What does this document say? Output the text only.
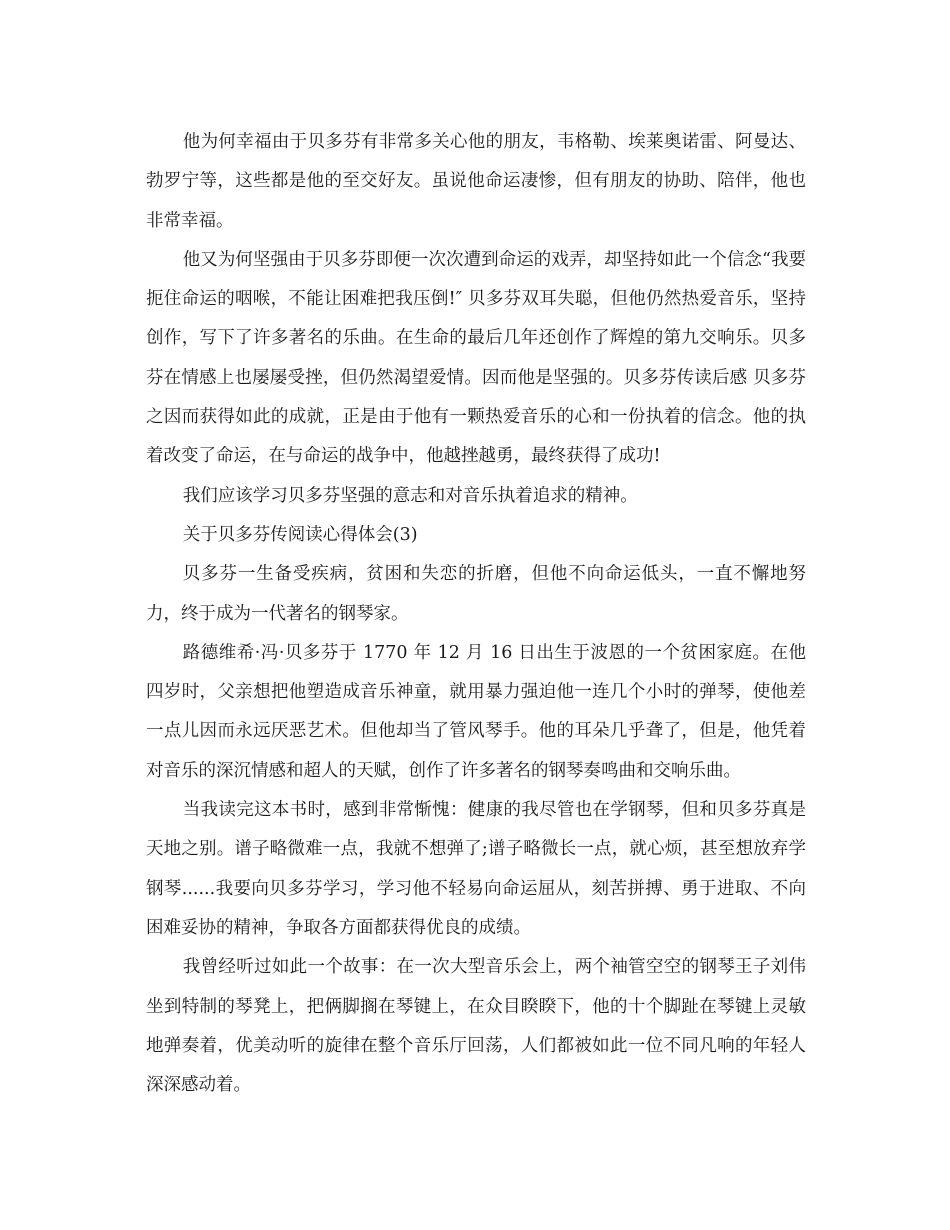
他为何幸福由于贝多芬有非常多关心他的朋友，韦格勒、埃莱奥诺雷、阿曼达、勃罗宁等，这些都是他的至交好友。虽说他命运凄惨，但有朋友的协助、陪伴，他也非常幸福。

他又为何坚强由于贝多芬即便一次次遭到命运的戏弄，却坚持如此一个信念“我要扼住命运的咽喉，不能让困难把我压倒!″ 贝多芬双耳失聪，但他仍然热爱音乐，坚持创作，写下了许多著名的乐曲。在生命的最后几年还创作了辉煌的第九交响乐。贝多芬在情感上也屡屡受挫，但仍然渴望爱情。因而他是坚强的。贝多芬传读后感 贝多芬之因而获得如此的成就，正是由于他有一颗热爱音乐的心和一份执着的信念。他的执着改变了命运，在与命运的战争中，他越挫越勇，最终获得了成功!

我们应该学习贝多芬坚强的意志和对音乐执着追求的精神。

关于贝多芬传阅读心得体会(3)

贝多芬一生备受疾病，贫困和失恋的折磨，但他不向命运低头，一直不懈地努力，终于成为一代著名的钢琴家。

路德维希·冯·贝多芬于 1770 年 12 月 16 日出生于波恩的一个贫困家庭。在他四岁时，父亲想把他塑造成音乐神童，就用暴力强迫他一连几个小时的弹琴，使他差一点儿因而永远厌恶艺术。但他却当了管风琴手。他的耳朵几乎聋了，但是，他凭着对音乐的深沉情感和超人的天赋，创作了许多著名的钢琴奏鸣曲和交响乐曲。

当我读完这本书时，感到非常惭愧：健康的我尽管也在学钢琴，但和贝多芬真是天地之别。谱子略微难一点，我就不想弹了;谱子略微长一点，就心烦，甚至想放弃学钢琴......我要向贝多芬学习，学习他不轻易向命运屈从，刻苦拼搏、勇于进取、不向困难妥协的精神，争取各方面都获得优良的成绩。

我曾经听过如此一个故事：在一次大型音乐会上，两个袖管空空的钢琴王子刘伟坐到特制的琴凳上，把俩脚搁在琴键上，在众目睽睽下，他的十个脚趾在琴键上灵敏地弹奏着，优美动听的旋律在整个音乐厅回荡，人们都被如此一位不同凡响的年轻人深深感动着。
